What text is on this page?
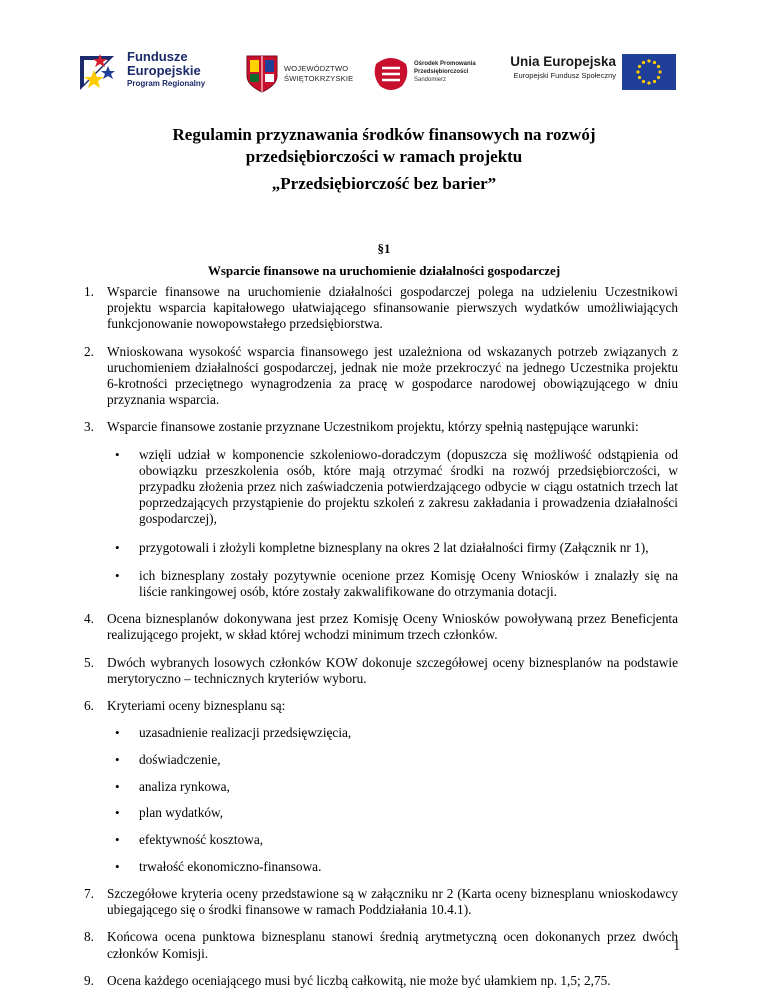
Fundusze
Europejskie
Program Regionalny
WOJEWÓDZTWO
ŚWIĘTOKRZYSKIE
Ośrodek Promowania
Przedsiębiorczości
Sandomierz
Unia Europejska
Europejski Fundusz Społeczny
Regulamin przyznawania środków finansowych na rozwój przedsiębiorczości w ramach projektu
„Przedsiębiorczość bez barier”
§1
Wsparcie finansowe na uruchomienie działalności gospodarczej
1. Wsparcie finansowe na uruchomienie działalności gospodarczej polega na udzieleniu Uczestnikowi projektu wsparcia kapitałowego ułatwiającego sfinansowanie pierwszych wydatków umożliwiających funkcjonowanie nowopowstałego przedsiębiorstwa.
2. Wnioskowana wysokość wsparcia finansowego jest uzależniona od wskazanych potrzeb związanych z uruchomieniem działalności gospodarczej, jednak nie może przekroczyć na jednego Uczestnika projektu 6-krotności przeciętnego wynagrodzenia za pracę w gospodarce narodowej obowiązującego w dniu przyznania wsparcia.
3. Wsparcie finansowe zostanie przyznane Uczestnikom projektu, którzy spełnią następujące warunki:
• wzięli udział w komponencie szkoleniowo-doradczym (dopuszcza się możliwość odstąpienia od obowiązku przeszkolenia osób, które mają otrzymać środki na rozwój przedsiębiorczości, w przypadku złożenia przez nich zaświadczenia potwierdzającego odbycie w ciągu ostatnich trzech lat poprzedzających przystąpienie do projektu szkoleń z zakresu zakładania i prowadzenia działalności gospodarczej),
• przygotowali i złożyli kompletne biznesplany na okres 2 lat działalności firmy (Załącznik nr 1),
• ich biznesplany zostały pozytywnie ocenione przez Komisję Oceny Wniosków i znalazły się na liście rankingowej osób, które zostały zakwalifikowane do otrzymania dotacji.
4. Ocena biznesplanów dokonywana jest przez Komisję Oceny Wniosków powoływaną przez Beneficjenta realizującego projekt, w skład której wchodzi minimum trzech członków.
5. Dwóch wybranych losowych członków KOW dokonuje szczegółowej oceny biznesplanów na podstawie merytoryczno – technicznych kryteriów wyboru.
6. Kryteriami oceny biznesplanu są:
• uzasadnienie realizacji przedsięwzięcia,
• doświadczenie,
• analiza rynkowa,
• plan wydatków,
• efektywność kosztowa,
• trwałość ekonomiczno-finansowa.
7. Szczegółowe kryteria oceny przedstawione są w załączniku nr 2 (Karta oceny biznesplanu wnioskodawcy ubiegającego się o środki finansowe w ramach Poddziałania 10.4.1).
8. Końcowa ocena punktowa biznesplanu stanowi średnią arytmetyczną ocen dokonanych przez dwóch członków Komisji.
9. Ocena każdego oceniającego musi być liczbą całkowitą, nie może być ułamkiem np. 1,5; 2,75.
1
